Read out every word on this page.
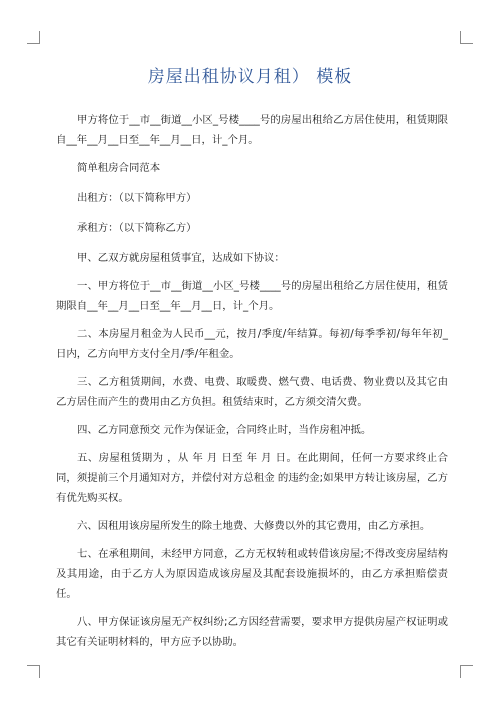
房屋出租协议月租） 模板

甲方将位于__市__街道__小区_号楼____号的房屋出租给乙方居住使用，租赁期限自__年__月__日至__年__月__日，计_个月。

简单租房合同范本

出租方：（以下简称甲方）

承租方：（以下简称乙方）

甲、乙双方就房屋租赁事宜，达成如下协议：

一、甲方将位于__市__街道__小区_号楼____号的房屋出租给乙方居住使用，租赁期限自__年__月__日至__年__月__日，计_个月。

二、本房屋月租金为人民币__元，按月/季度/年结算。每初/每季季初/每年年初_日内，乙方向甲方支付全月/季/年租金。

三、乙方租赁期间，水费、电费、取暖费、燃气费、电话费、物业费以及其它由乙方居住而产生的费用由乙方负担。租赁结束时，乙方须交清欠费。

四、乙方同意预交 元作为保证金，合同终止时，当作房租冲抵。

五、房屋租赁期为 ，从 年 月 日至 年 月 日。在此期间，任何一方要求终止合同，须提前三个月通知对方，并偿付对方总租金 的违约金;如果甲方转让该房屋，乙方有优先购买权。

六、因租用该房屋所发生的除土地费、大修费以外的其它费用，由乙方承担。

七、在承租期间，未经甲方同意，乙方无权转租或转借该房屋;不得改变房屋结构及其用途，由于乙方人为原因造成该房屋及其配套设施损坏的，由乙方承担赔偿责任。

八、甲方保证该房屋无产权纠纷;乙方因经营需要，要求甲方提供房屋产权证明或其它有关证明材料的，甲方应予以协助。
